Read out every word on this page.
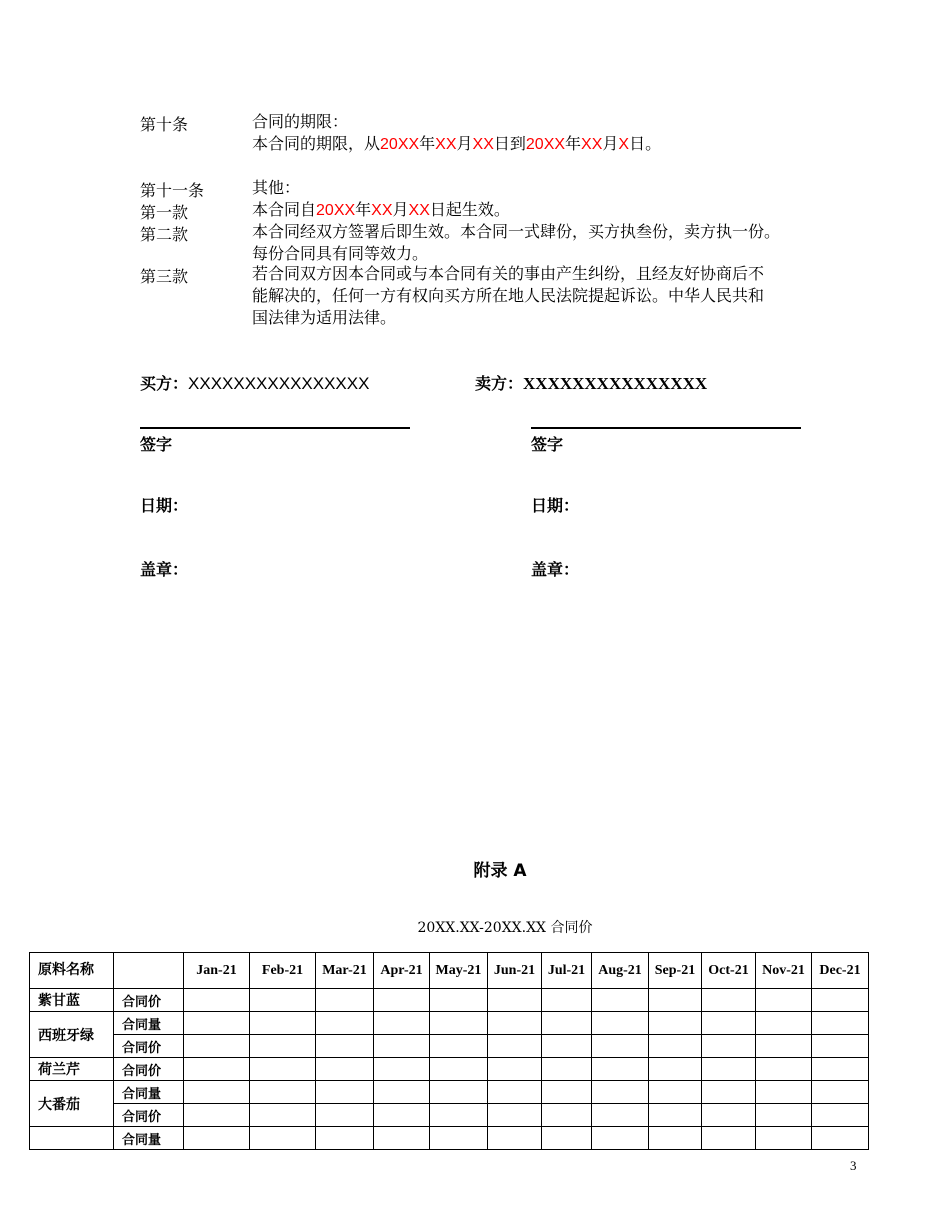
第十条	合同的期限：
本合同的期限，从20XX年XX月XX日到20XX年XX月X日。
第十一条	其他：
第一款	本合同自20XX年XX月XX日起生效。
第二款	本合同经双方签署后即生效。本合同一式肆份，买方执叁份，卖方执一份。
每份合同具有同等效力。
第三款	若合同双方因本合同或与本合同有关的事由产生纠纷，且经友好协商后不
能解决的，任何一方有权向买方所在地人民法院提起诉讼。中华人民共和
国法律为适用法律。
买方：XXXXXXXXXXXXXXXX	卖方：XXXXXXXXXXXXXXX
签字	签字
日期：	日期：
盖章：	盖章：
附录 A
20XX.XX-20XX.XX 合同价
原料名称		Jan-21	Feb-21	Mar-21	Apr-21	May-21	Jun-21	Jul-21	Aug-21	Sep-21	Oct-21	Nov-21	Dec-21
紫甘蓝	合同价												
西班牙绿	合同量												
	合同价												
荷兰芹	合同价												
大番茄	合同量												
	合同价												
	合同量												
3
